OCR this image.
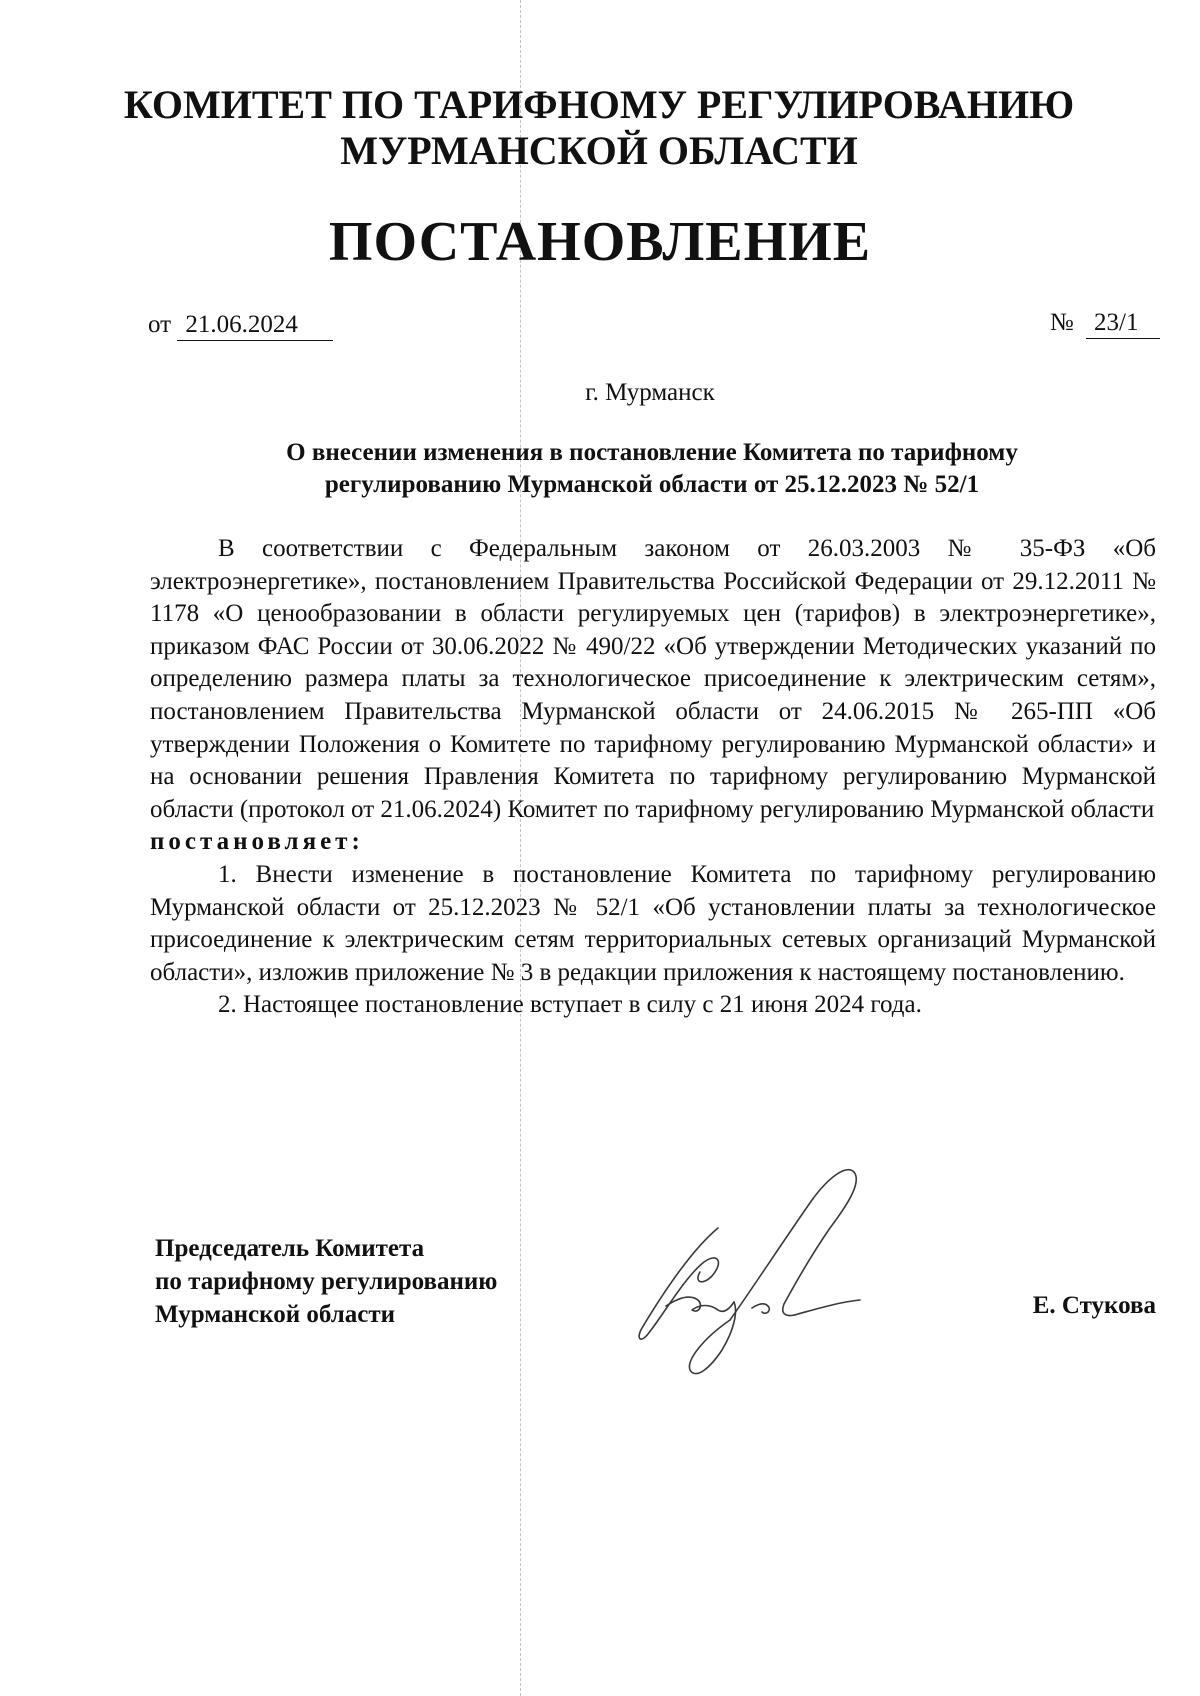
КОМИТЕТ ПО ТАРИФНОМУ РЕГУЛИРОВАНИЮ
МУРМАНСКОЙ ОБЛАСТИ
ПОСТАНОВЛЕНИЕ
от 21.06.2024	№ 23/1
г. Мурманск
О внесении изменения в постановление Комитета по тарифному
регулированию Мурманской области от 25.12.2023 № 52/1

В соответствии с Федеральным законом от 26.03.2003 № 35-ФЗ «Об электроэнергетике», постановлением Правительства Российской Федерации от 29.12.2011 № 1178 «О ценообразовании в области регулируемых цен (тарифов) в электроэнергетике», приказом ФАС России от 30.06.2022 № 490/22 «Об утверждении Методических указаний по определению размера платы за технологическое присоединение к электрическим сетям», постановлением Правительства Мурманской области от 24.06.2015 № 265-ПП «Об утверждении Положения о Комитете по тарифному регулированию Мурманской области» и на основании решения Правления Комитета по тарифному регулированию Мурманской области (протокол от 21.06.2024) Комитет по тарифному регулированию Мурманской области

постановляет:

1. Внести изменение в постановление Комитета по тарифному регулированию Мурманской области от 25.12.2023 № 52/1 «Об установлении платы за технологическое присоединение к электрическим сетям территориальных сетевых организаций Мурманской области», изложив приложение № 3 в редакции приложения к настоящему постановлению.

2. Настоящее постановление вступает в силу с 21 июня 2024 года.

Председатель Комитета
по тарифному регулированию
Мурманской области	Е. Стукова
